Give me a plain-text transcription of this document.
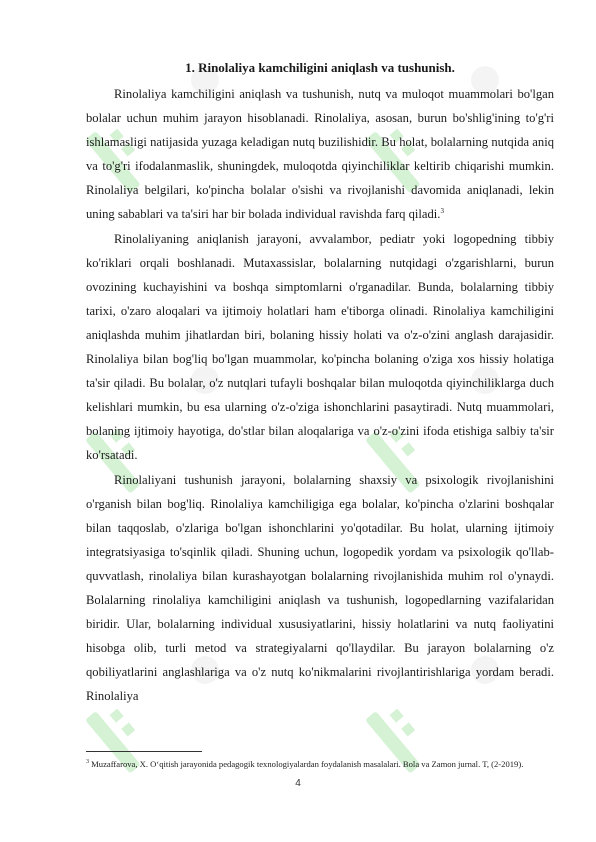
1. Rinolaliya kamchiligini aniqlash va tushunish.

Rinolaliya kamchiligini aniqlash va tushunish, nutq va muloqot muammolari bo'lgan bolalar uchun muhim jarayon hisoblanadi. Rinolaliya, asosan, burun bo'shlig'ining to'g'ri ishlamasligi natijasida yuzaga keladigan nutq buzilishidir. Bu holat, bolalarning nutqida aniq va to'g'ri ifodalanmaslik, shuningdek, muloqotda qiyinchiliklar keltirib chiqarishi mumkin. Rinolaliya belgilari, ko'pincha bolalar o'sishi va rivojlanishi davomida aniqlanadi, lekin uning sabablari va ta'siri har bir bolada individual ravishda farq qiladi.$^3$

Rinolaliyaning aniqlanish jarayoni, avvalambor, pediatr yoki logopedning tibbiy ko'riklari orqali boshlanadi. Mutaxassislar, bolalarning nutqidagi o'zgarishlarni, burun ovozining kuchayishini va boshqa simptomlarni o'rganadilar. Bunda, bolalarning tibbiy tarixi, o'zaro aloqalari va ijtimoiy holatlari ham e'tiborga olinadi. Rinolaliya kamchiligini aniqlashda muhim jihatlardan biri, bolaning hissiy holati va o'z-o'zini anglash darajasidir. Rinolaliya bilan bog'liq bo'lgan muammolar, ko'pincha bolaning o'ziga xos hissiy holatiga ta'sir qiladi. Bu bolalar, o'z nutqlari tufayli boshqalar bilan muloqotda qiyinchiliklarga duch kelishlari mumkin, bu esa ularning o'z-o'ziga ishonchlarini pasaytiradi. Nutq muammolari, bolaning ijtimoiy hayotiga, do'stlar bilan aloqalariga va o'z-o'zini ifoda etishiga salbiy ta'sir ko'rsatadi.

Rinolaliyani tushunish jarayoni, bolalarning shaxsiy va psixologik rivojlanishini o'rganish bilan bog'liq. Rinolaliya kamchiligiga ega bolalar, ko'pincha o'zlarini boshqalar bilan taqqoslab, o'zlariga bo'lgan ishonchlarini yo'qotadilar. Bu holat, ularning ijtimoiy integratsiyasiga to'sqinlik qiladi. Shuning uchun, logopedik yordam va psixologik qo'llab-quvvatlash, rinolaliya bilan kurashayotgan bolalarning rivojlanishida muhim rol o'ynaydi. Bolalarning rinolaliya kamchiligini aniqlash va tushunish, logopedlarning vazifalaridan biridir. Ular, bolalarning individual xususiyatlarini, hissiy holatlarini va nutq faoliyatini hisobga olib, turli metod va strategiyalarni qo'llaydilar. Bu jarayon bolalarning o'z qobiliyatlarini anglashlariga va o'z nutq ko'nikmalarini rivojlantirishlariga yordam beradi. Rinolaliya

$^3$ Muzaffarova, X. O‘qitish jarayonida pedagogik texnologiyalardan foydalanish masalalari. Bola va Zamon jurnal. T, (2-2019).
4
